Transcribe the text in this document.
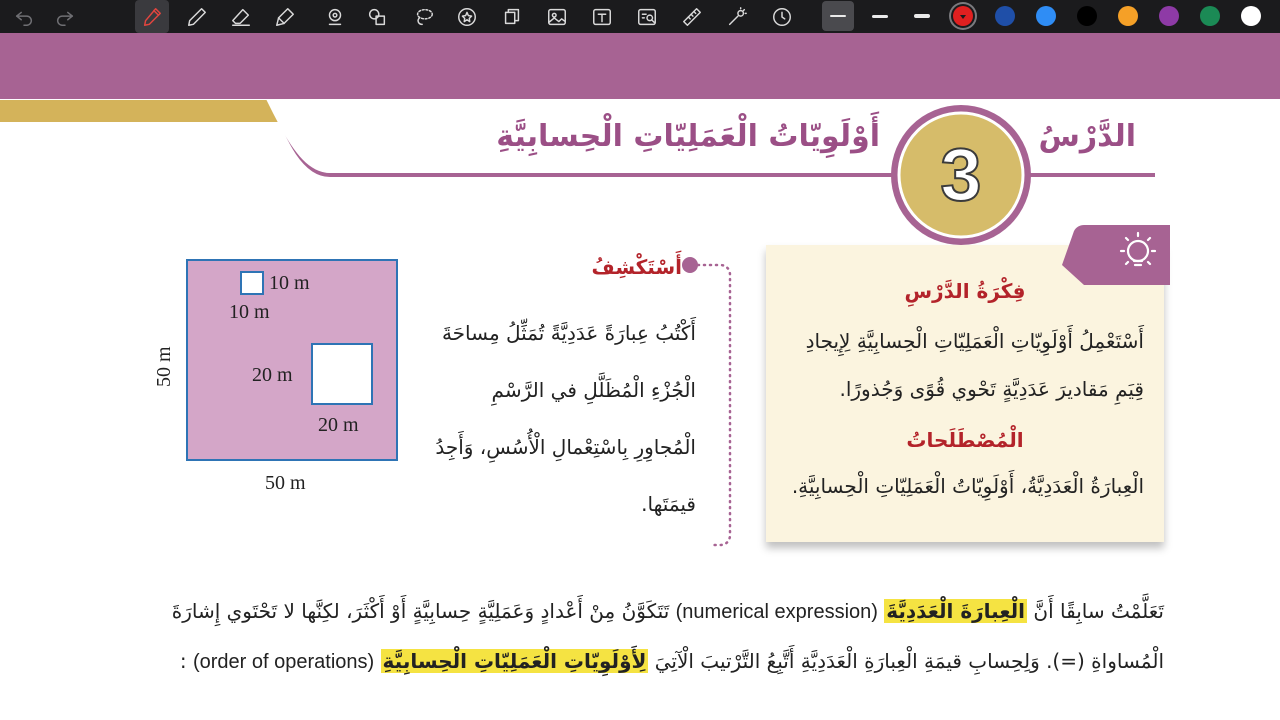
الدَّرْسُ
3
أَوْلَوِيّاتُ الْعَمَلِيّاتِ الْحِسابِيَّةِ
فِكْرَةُ الدَّرْسِ
أَسْتَعْمِلُ أَوْلَوِيّاتِ الْعَمَلِيّاتِ الْحِسابِيَّةِ لِإِيجادِ قِيَمِ مَقاديرَ عَدَدِيَّةٍ تَحْوي قُوًى وَجُذورًا.
الْمُصْطَلَحاتُ
الْعِبارَةُ الْعَدَدِيَّةُ، أَوْلَوِيّاتُ الْعَمَلِيّاتِ الْحِسابِيَّةِ.
أَسْتَكْشِفُ
أَكْتُبُ عِبارَةً عَدَدِيَّةً تُمَثِّلُ مِساحَةَ الْجُزْءِ الْمُظَلَّلِ في الرَّسْمِ الْمُجاوِرِ بِاسْتِعْمالِ الْأُسُسِ، وَأَجِدُ قيمَتَها.
10 m
10 m
20 m
20 m
50 m
50 m
تَعَلَّمْتُ سابِقًا أَنَّ الْعِبارَةَ الْعَدَدِيَّةَ (numerical expression) تَتَكَوَّنُ مِنْ أَعْدادٍ وَعَمَلِيَّةٍ حِسابِيَّةٍ أَوْ أَكْثَرَ، لكِنَّها لا تَحْتَوي إِشارَةَ
الْمُساواةِ (=). وَلِحِسابِ قيمَةِ الْعِبارَةِ الْعَدَدِيَّةِ أَتَّبِعُ التَّرْتيبَ الْآتِيَ لِأَوْلَوِيّاتِ الْعَمَلِيّاتِ الْحِسابِيَّةِ (order of operations) :
